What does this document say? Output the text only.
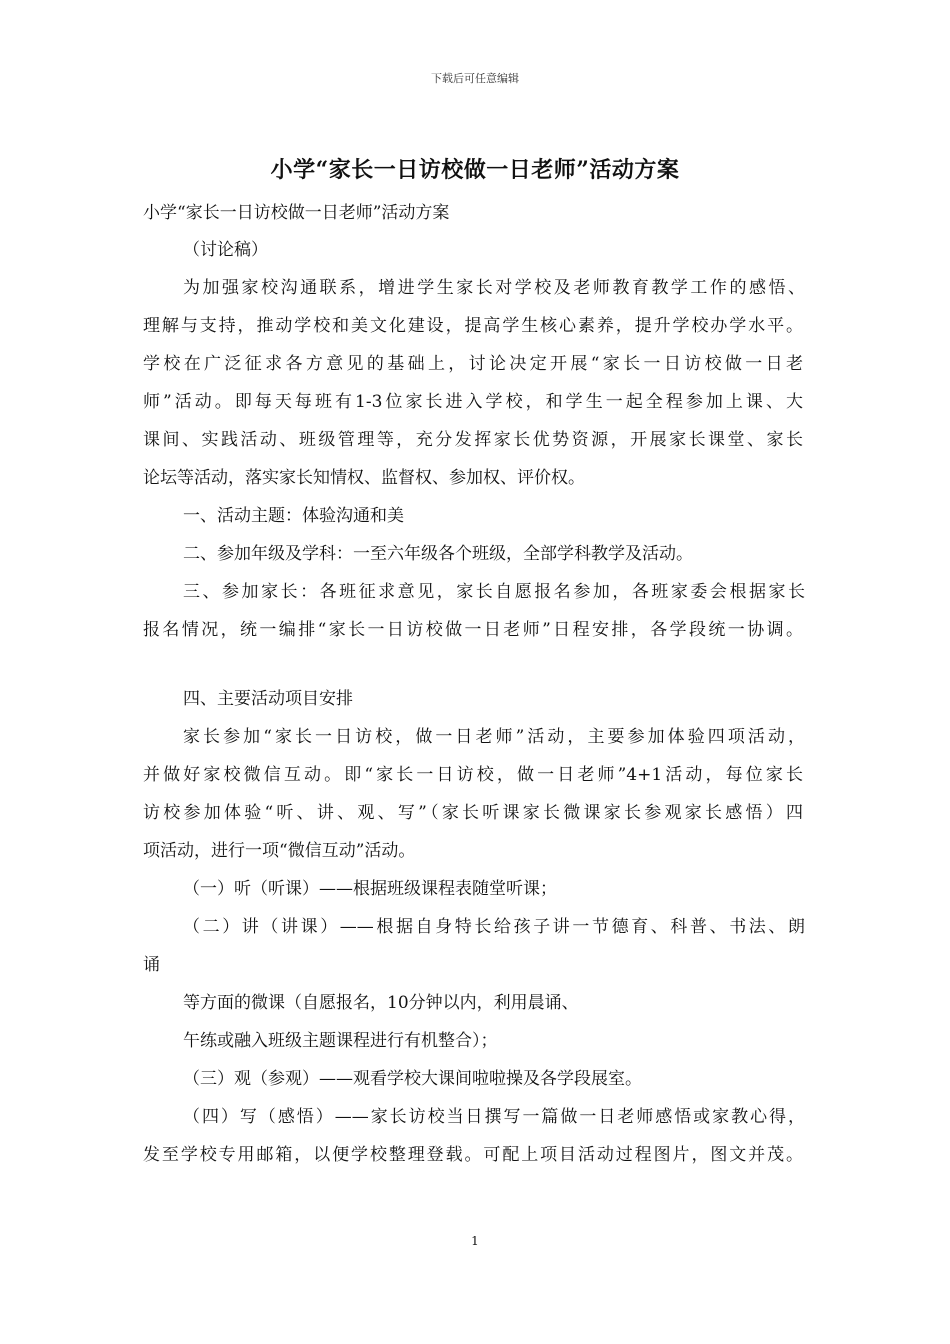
下载后可任意编辑
小学“家长一日访校做一日老师”活动方案
小学“家长一日访校做一日老师”活动方案
（讨论稿）
为加强家校沟通联系，增进学生家长对学校及老师教育教学工作的感悟、
理解与支持，推动学校和美文化建设，提高学生核心素养，提升学校办学水平。
学校在广泛征求各方意见的基础上，讨论决定开展“家长一日访校做一日老
师”活动。即每天每班有1-3位家长进入学校，和学生一起全程参加上课、大
课间、实践活动、班级管理等，充分发挥家长优势资源，开展家长课堂、家长
论坛等活动，落实家长知情权、监督权、参加权、评价权。
一、活动主题：体验沟通和美
二、参加年级及学科：一至六年级各个班级，全部学科教学及活动。
三、参加家长：各班征求意见，家长自愿报名参加，各班家委会根据家长
报名情况，统一编排“家长一日访校做一日老师”日程安排，各学段统一协调。
四、主要活动项目安排
家长参加“家长一日访校，做一日老师”活动，主要参加体验四项活动，
并做好家校微信互动。即“家长一日访校，做一日老师”4+1活动，每位家长
访校参加体验“听、讲、观、写”（家长听课家长微课家长参观家长感悟）四
项活动，进行一项“微信互动”活动。
（一）听（听课）——根据班级课程表随堂听课；
（二）讲（讲课）——根据自身特长给孩子讲一节德育、科普、书法、朗
诵
等方面的微课（自愿报名，10分钟以内，利用晨诵、
午练或融入班级主题课程进行有机整合）；
（三）观（参观）——观看学校大课间啦啦操及各学段展室。
（四）写（感悟）——家长访校当日撰写一篇做一日老师感悟或家教心得，
发至学校专用邮箱，以便学校整理登载。可配上项目活动过程图片，图文并茂。
1
